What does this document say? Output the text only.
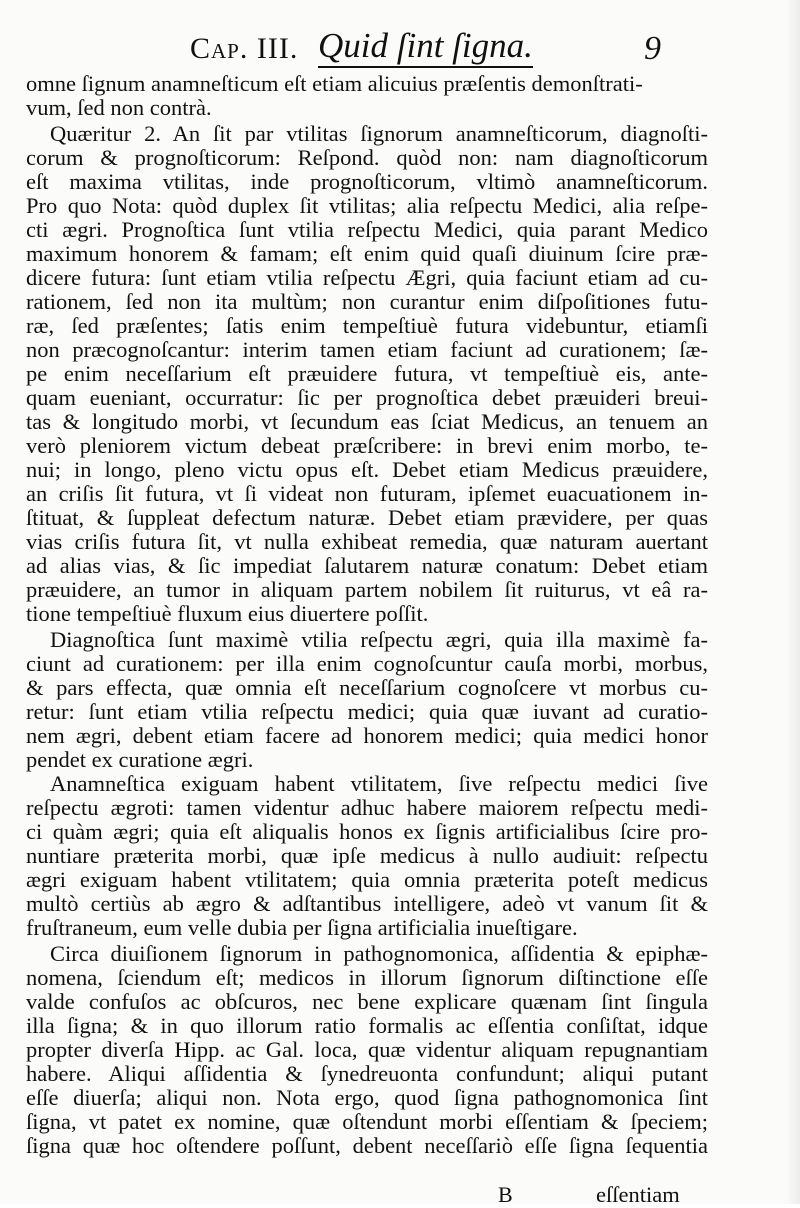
Cap. III. Quid ſint ſigna.	9
omne ſignum anamneſticum eſt etiam alicuius præſentis demonſtrati-
vum, ſed non contrà.
Quæritur 2. An ſit par vtilitas ſignorum anamneſticorum, diagnoſti-
corum & prognoſticorum: Reſpond. quòd non: nam diagnoſticorum
eſt maxima vtilitas, inde prognoſticorum, vltimò anamneſticorum.
Pro quo Nota: quòd duplex ſit vtilitas; alia reſpectu Medici, alia reſpe-
cti ægri. Prognoſtica ſunt vtilia reſpectu Medici, quia parant Medico
maximum honorem & famam; eſt enim quid quaſi diuinum ſcire præ-
dicere futura: ſunt etiam vtilia reſpectu Ægri, quia faciunt etiam ad cu-
rationem, ſed non ita multùm; non curantur enim diſpoſitiones futu-
ræ, ſed præſentes; ſatis enim tempeſtiuè futura videbuntur, etiamſi
non præcognoſcantur: interim tamen etiam faciunt ad curationem; ſæ-
pe enim neceſſarium eſt præuidere futura, vt tempeſtiuè eis, ante-
quam eueniant, occurratur: ſic per prognoſtica debet præuideri breui-
tas & longitudo morbi, vt ſecundum eas ſciat Medicus, an tenuem an
verò pleniorem victum debeat præſcribere: in brevi enim morbo, te-
nui; in longo, pleno victu opus eſt. Debet etiam Medicus præuidere,
an criſis ſit futura, vt ſi videat non futuram, ipſemet euacuationem in-
ſtituat, & ſuppleat defectum naturæ. Debet etiam prævidere, per quas
vias criſis futura ſit, vt nulla exhibeat remedia, quæ naturam auertant
ad alias vias, & ſic impediat ſalutarem naturæ conatum: Debet etiam
præuidere, an tumor in aliquam partem nobilem ſit ruiturus, vt eâ ra-
tione tempeſtiuè fluxum eius diuertere poſſit.
Diagnoſtica ſunt maximè vtilia reſpectu ægri, quia illa maximè fa-
ciunt ad curationem: per illa enim cognoſcuntur cauſa morbi, morbus,
& pars effecta, quæ omnia eſt neceſſarium cognoſcere vt morbus cu-
retur: ſunt etiam vtilia reſpectu medici; quia quæ iuvant ad curatio-
nem ægri, debent etiam facere ad honorem medici; quia medici honor
pendet ex curatione ægri.
Anamneſtica exiguam habent vtilitatem, ſive reſpectu medici ſive
reſpectu ægroti: tamen videntur adhuc habere maiorem reſpectu medi-
ci quàm ægri; quia eſt aliqualis honos ex ſignis artificialibus ſcire pro-
nuntiare præterita morbi, quæ ipſe medicus à nullo audiuit: reſpectu
ægri exiguam habent vtilitatem; quia omnia præterita poteſt medicus
multò certiùs ab ægro & adſtantibus intelligere, adeò vt vanum ſit &
fruſtraneum, eum velle dubia per ſigna artificialia inueſtigare.
Circa diuiſionem ſignorum in pathognomonica, aſſidentia & epiphæ-
nomena, ſciendum eſt; medicos in illorum ſignorum diſtinctione eſſe
valde confuſos ac obſcuros, nec bene explicare quænam ſint ſingula
illa ſigna; & in quo illorum ratio formalis ac eſſentia conſiſtat, idque
propter diverſa Hipp. ac Gal. loca, quæ videntur aliquam repugnantiam
habere. Aliqui aſſidentia & ſynedreuonta confundunt; aliqui putant
eſſe diuerſa; aliqui non. Nota ergo, quod ſigna pathognomonica ſint
ſigna, vt patet ex nomine, quæ oſtendunt morbi eſſentiam & ſpeciem;
ſigna quæ hoc oſtendere poſſunt, debent neceſſariò eſſe ſigna ſequentia
B	eſſentiam
